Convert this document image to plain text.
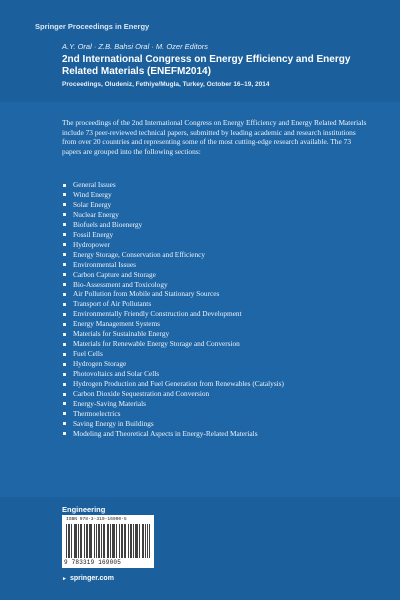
Springer Proceedings in Energy
A.Y. Oral · Z.B. Bahsi Oral · M. Ozer Editors
2nd International Congress on Energy Efficiency and Energy Related Materials (ENEFM2014)
Proceedings, Oludeniz, Fethiye/Mugla, Turkey, October 16–19, 2014
The proceedings of the 2nd International Congress on Energy Efficiency and Energy Related Materials include 73 peer-reviewed technical papers, submitted by leading academic and research institutions from over 20 countries and representing some of the most cutting-edge research available. The 73 papers are grouped into the following sections:
General Issues
Wind Energy
Solar Energy
Nuclear Energy
Biofuels and Bioenergy
Fossil Energy
Hydropower
Energy Storage, Conservation and Efficiency
Environmental Issues
Carbon Capture and Storage
Bio-Assessment and Toxicology
Air Pollution from Mobile and Stationary Sources
Transport of Air Pollutants
Environmentally Friendly Construction and Development
Energy Management Systems
Materials for Sustainable Energy
Materials for Renewable Energy Storage and Conversion
Fuel Cells
Hydrogen Storage
Photovoltaics and Solar Cells
Hydrogen Production and Fuel Generation from Renewables (Catalysis)
Carbon Dioxide Sequestration and Conversion
Energy-Saving Materials
Thermoelectrics
Saving Energy in Buildings
Modeling and Theoretical Aspects in Energy-Related Materials
Engineering
ISBN 978-3-319-16900-5
9 783319 169005
► springer.com
